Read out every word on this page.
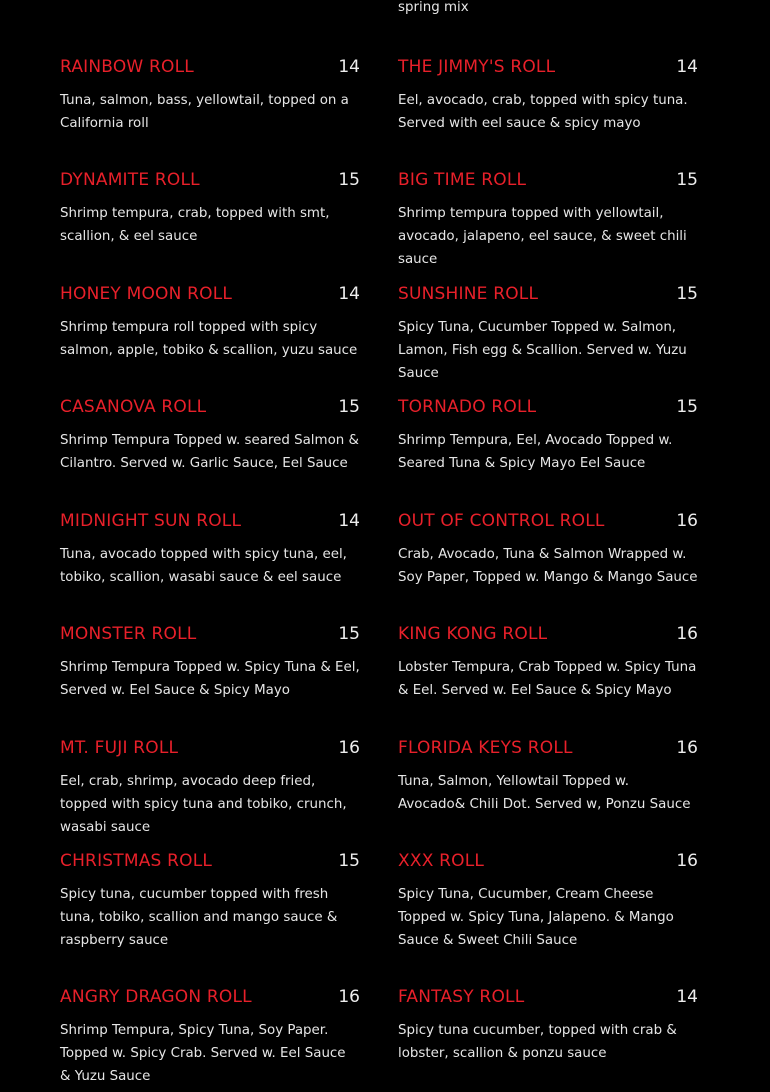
spring mix
RAINBOW ROLL	14
Tuna, salmon, bass, yellowtail, topped on a California roll
THE JIMMY'S ROLL	14
Eel, avocado, crab, topped with spicy tuna. Served with eel sauce & spicy mayo
DYNAMITE ROLL	15
Shrimp tempura, crab, topped with smt, scallion, & eel sauce
BIG TIME ROLL	15
Shrimp tempura topped with yellowtail, avocado, jalapeno, eel sauce, & sweet chili sauce
HONEY MOON ROLL	14
Shrimp tempura roll topped with spicy salmon, apple, tobiko & scallion, yuzu sauce
SUNSHINE ROLL	15
Spicy Tuna, Cucumber Topped w. Salmon, Lamon, Fish egg & Scallion. Served w. Yuzu Sauce
CASANOVA ROLL	15
Shrimp Tempura Topped w. seared Salmon & Cilantro. Served w. Garlic Sauce, Eel Sauce
TORNADO ROLL	15
Shrimp Tempura, Eel, Avocado Topped w. Seared Tuna & Spicy Mayo Eel Sauce
MIDNIGHT SUN ROLL	14
Tuna, avocado topped with spicy tuna, eel, tobiko, scallion, wasabi sauce & eel sauce
OUT OF CONTROL ROLL	16
Crab, Avocado, Tuna & Salmon Wrapped w. Soy Paper, Topped w. Mango & Mango Sauce
MONSTER ROLL	15
Shrimp Tempura Topped w. Spicy Tuna & Eel, Served w. Eel Sauce & Spicy Mayo
KING KONG ROLL	16
Lobster Tempura, Crab Topped w. Spicy Tuna & Eel. Served w. Eel Sauce & Spicy Mayo
MT. FUJI ROLL	16
Eel, crab, shrimp, avocado deep fried, topped with spicy tuna and tobiko, crunch, wasabi sauce
FLORIDA KEYS ROLL	16
Tuna, Salmon, Yellowtail Topped w. Avocado& Chili Dot. Served w, Ponzu Sauce
CHRISTMAS ROLL	15
Spicy tuna, cucumber topped with fresh tuna, tobiko, scallion and mango sauce & raspberry sauce
XXX ROLL	16
Spicy Tuna, Cucumber, Cream Cheese Topped w. Spicy Tuna, Jalapeno. & Mango Sauce & Sweet Chili Sauce
ANGRY DRAGON ROLL	16
Shrimp Tempura, Spicy Tuna, Soy Paper. Topped w. Spicy Crab. Served w. Eel Sauce & Yuzu Sauce
FANTASY ROLL	14
Spicy tuna cucumber, topped with crab & lobster, scallion & ponzu sauce
